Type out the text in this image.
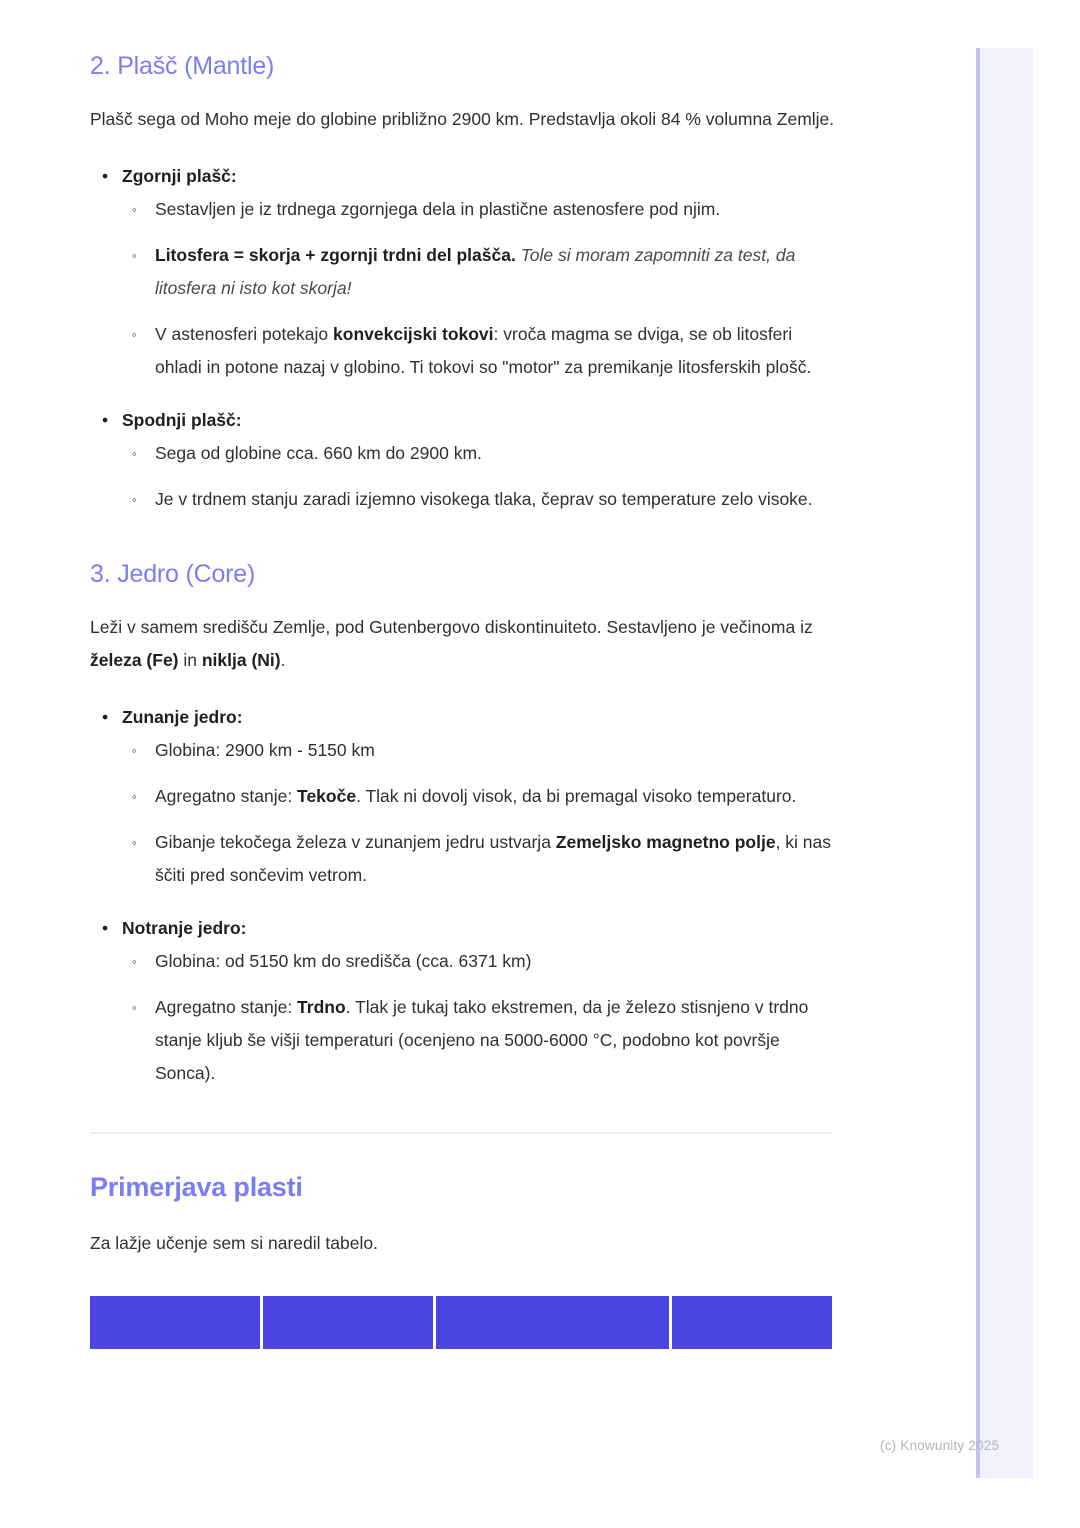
(c) Knowunity 2025
2. Plašč (Mantle)

Plašč sega od Moho meje do globine približno 2900 km. Predstavlja okoli 84 % volumna Zemlje.

• Zgornji plašč:
◦ Sestavljen je iz trdnega zgornjega dela in plastične astenosfere pod njim.
◦ Litosfera = skorja + zgornji trdni del plašča. Tole si moram zapomniti za test, da litosfera ni isto kot skorja!
◦ V astenosferi potekajo konvekcijski tokovi: vroča magma se dviga, se ob litosferi ohladi in potone nazaj v globino. Ti tokovi so "motor" za premikanje litosferskih plošč.
• Spodnji plašč:
◦ Sega od globine cca. 660 km do 2900 km.
◦ Je v trdnem stanju zaradi izjemno visokega tlaka, čeprav so temperature zelo visoke.
3. Jedro (Core)

Leži v samem središču Zemlje, pod Gutenbergovo diskontinuiteto. Sestavljeno je večinoma iz železa (Fe) in niklja (Ni).

• Zunanje jedro:
◦ Globina: 2900 km - 5150 km
◦ Agregatno stanje: Tekoče. Tlak ni dovolj visok, da bi premagal visoko temperaturo.
◦ Gibanje tekočega železa v zunanjem jedru ustvarja Zemeljsko magnetno polje, ki nas ščiti pred sončevim vetrom.
• Notranje jedro:
◦ Globina: od 5150 km do središča (cca. 6371 km)
◦ Agregatno stanje: Trdno. Tlak je tukaj tako ekstremen, da je železo stisnjeno v trdno stanje kljub še višji temperaturi (ocenjeno na 5000-6000 °C, podobno kot površje Sonca).
Primerjava plasti

Za lažje učenje sem si naredil tabelo.
